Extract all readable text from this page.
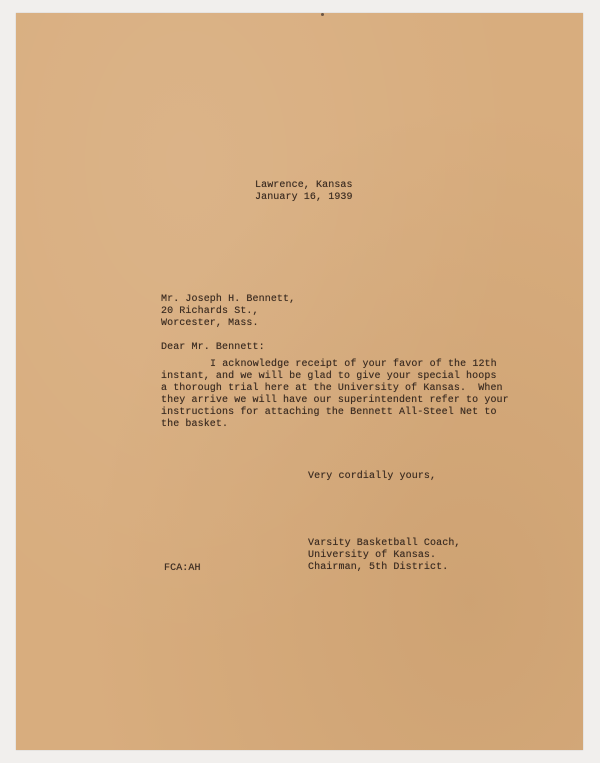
Lawrence, Kansas
January 16, 1939
Mr. Joseph H. Bennett,
20 Richards St.,
Worcester, Mass.
Dear Mr. Bennett:
I acknowledge receipt of your favor of the 12th
instant, and we will be glad to give your special hoops
a thorough trial here at the University of Kansas.  When
they arrive we will have our superintendent refer to your
instructions for attaching the Bennett All-Steel Net to
the basket.
Very cordially yours,
Varsity Basketball Coach,
University of Kansas.
Chairman, 5th District.
FCA:AH
